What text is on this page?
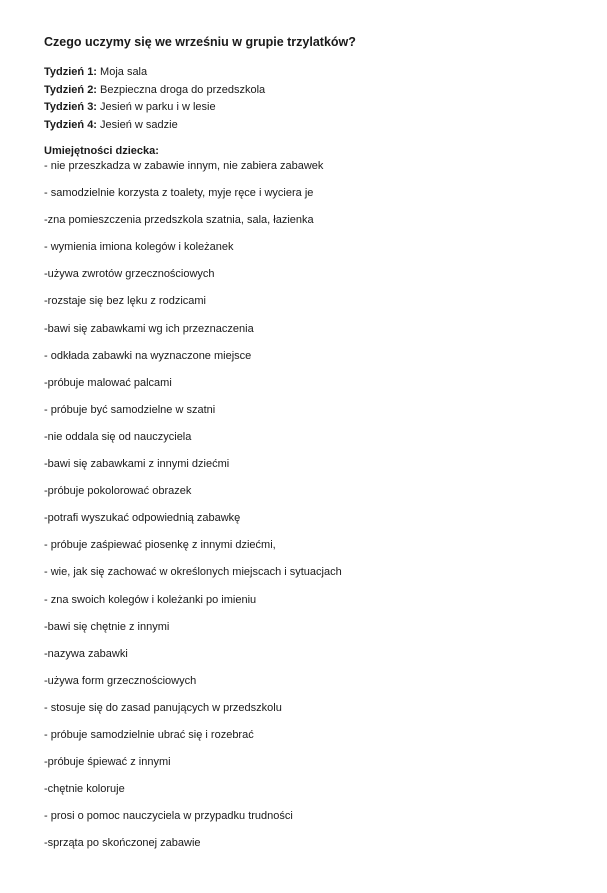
Czego uczymy się we wrześniu w grupie trzylatków?
Tydzień 1: Moja sala
Tydzień 2: Bezpieczna droga do przedszkola
Tydzień 3: Jesień w parku i w lesie
Tydzień 4: Jesień w sadzie
Umiejętności dziecka:
- nie przeszkadza w zabawie innym, nie zabiera zabawek
- samodzielnie korzysta z toalety, myje ręce i wyciera je
-zna pomieszczenia przedszkola szatnia, sala, łazienka
- wymienia imiona kolegów i koleżanek
-używa zwrotów grzecznościowych
-rozstaje się bez lęku z rodzicami
-bawi się zabawkami wg ich przeznaczenia
- odkłada zabawki na wyznaczone miejsce
-próbuje malować palcami
- próbuje być samodzielne w szatni
-nie oddala się od nauczyciela
-bawi się zabawkami z innymi dziećmi
-próbuje pokolorować obrazek
-potrafi wyszukać odpowiednią zabawkę
- próbuje zaśpiewać piosenkę z innymi dziećmi,
- wie, jak się zachować w określonych miejscach i sytuacjach
- zna swoich kolegów i koleżanki po imieniu
-bawi się chętnie z innymi
-nazywa zabawki
-używa form grzecznościowych
- stosuje się do zasad panujących w przedszkolu
- próbuje samodzielnie ubrać się i rozebrać
-próbuje śpiewać z innymi
-chętnie koloruje
- prosi o pomoc nauczyciela w przypadku trudności
-sprząta po skończonej zabawie
